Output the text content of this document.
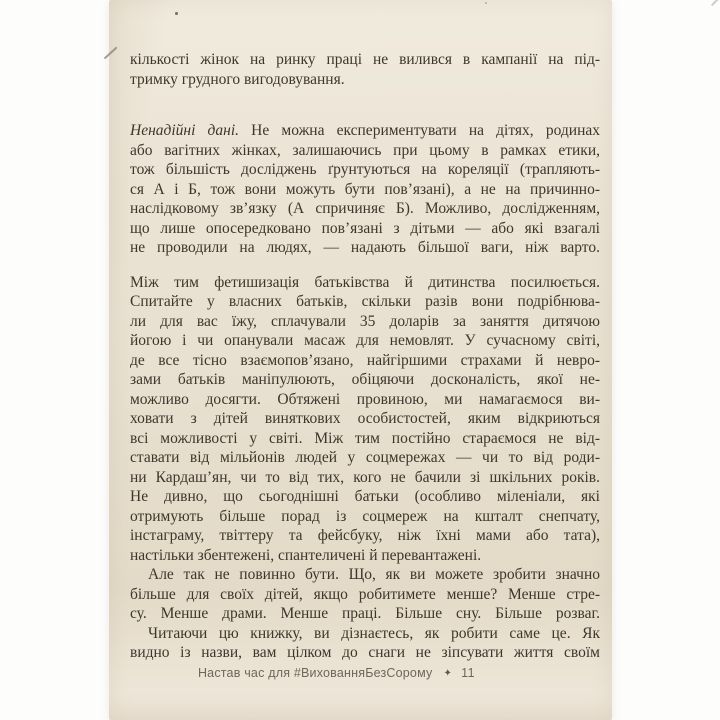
кількості жінок на ринку праці не вилився в кампанії на під-
тримку грудного вигодовування.
Ненадійні дані. Не можна експериментувати на дітях, родинах
або вагітних жінках, залишаючись при цьому в рамках етики,
тож більшість досліджень ґрунтуються на кореляції (трапляють-
ся А і Б, тож вони можуть бути пов’язані), а не на причинно-
наслідковому зв’язку (А спричиняє Б). Можливо, дослідженням,
що лише опосередковано пов’язані з дітьми — або які взагалі
не проводили на людях, — надають більшої ваги, ніж варто.
Між тим фетишизація батьківства й дитинства посилюється.
Спитайте у власних батьків, скільки разів вони подрібнюва-
ли для вас їжу, сплачували 35 доларів за заняття дитячою
йогою і чи опанували масаж для немовлят. У сучасному світі,
де все тісно взаємопов’язано, найгіршими страхами й невро-
зами батьків маніпулюють, обіцяючи досконалість, якої не-
можливо досягти. Обтяжені провиною, ми намагаємося ви-
ховати з дітей виняткових особистостей, яким відкриються
всі можливості у світі. Між тим постійно стараємося не від-
ставати від мільйонів людей у соцмережах — чи то від роди-
ни Кардаш’ян, чи то від тих, кого не бачили зі шкільних років.
Не дивно, що сьогоднішні батьки (особливо міленіали, які
отримують більше порад із соцмереж на кшталт снепчату,
інстаграму, твіттеру та фейсбуку, ніж їхні мами або тата),
настільки збентежені, спантеличені й перевантажені.
Але так не повинно бути. Що, як ви можете зробити значно
більше для своїх дітей, якщо робитимете менше? Менше стре-
су. Менше драми. Менше праці. Більше сну. Більше розваг.
Читаючи цю книжку, ви дізнаєтесь, як робити саме це. Як
видно із назви, вам цілком до снаги не зіпсувати життя своїм
Настав час для #ВихованняБезСорому ✦ 11
